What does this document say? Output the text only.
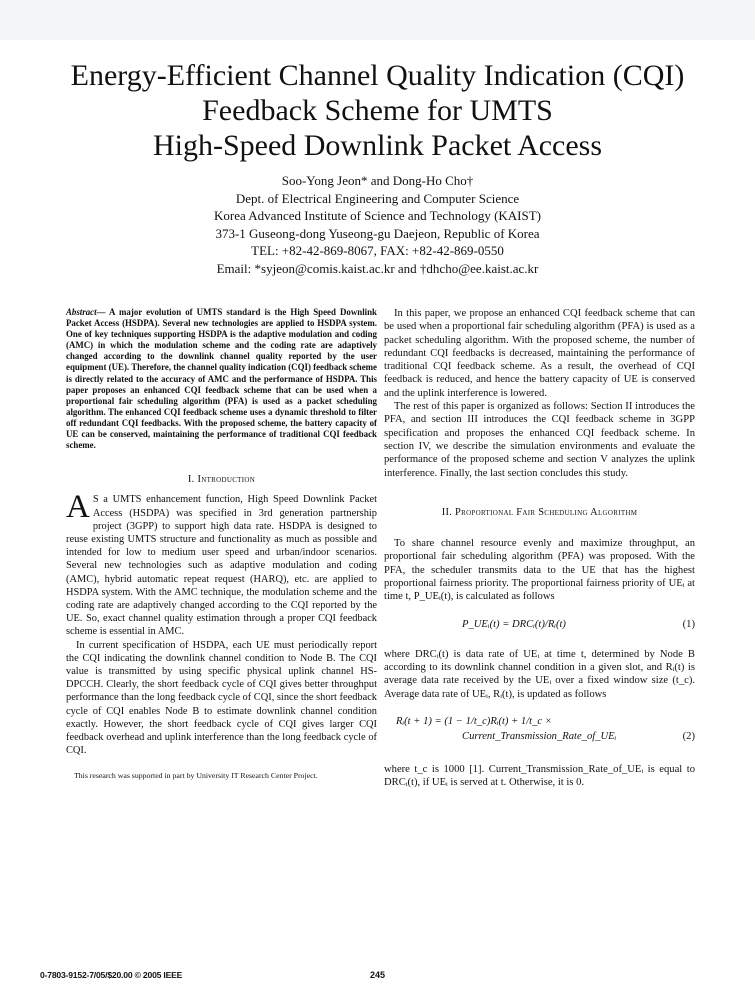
Energy-Efficient Channel Quality Indication (CQI)
Feedback Scheme for UMTS
High-Speed Downlink Packet Access
Soo-Yong Jeon* and Dong-Ho Cho†
Dept. of Electrical Engineering and Computer Science
Korea Advanced Institute of Science and Technology (KAIST)
373-1 Guseong-dong Yuseong-gu Daejeon, Republic of Korea
TEL: +82-42-869-8067, FAX: +82-42-869-0550
Email: *syjeon@comis.kaist.ac.kr and †dhcho@ee.kaist.ac.kr

Abstract— A major evolution of UMTS standard is the High Speed Downlink Packet Access (HSDPA). Several new technologies are applied to HSDPA system. One of key techniques supporting HSDPA is the adaptive modulation and coding (AMC) in which the modulation scheme and the coding rate are adaptively changed according to the downlink channel quality reported by the user equipment (UE). Therefore, the channel quality indication (CQI) feedback scheme is directly related to the accuracy of AMC and the performance of HSDPA. This paper proposes an enhanced CQI feedback scheme that can be used when a proportional fair scheduling algorithm (PFA) is used as a packet scheduling algorithm. The enhanced CQI feedback scheme uses a dynamic threshold to filter off redundant CQI feedbacks. With the proposed scheme, the battery capacity of UE can be conserved, maintaining the performance of traditional CQI feedback scheme.

I. Introduction

A S a UMTS enhancement function, High Speed Downlink Packet Access (HSDPA) was specified in 3rd generation partnership project (3GPP) to support high data rate. HSDPA is designed to reuse existing UMTS structure and functionality as much as possible and intended for low to medium user speed and urban/indoor scenarios. Several new technologies such as adaptive modulation and coding (AMC), hybrid automatic repeat request (HARQ), etc. are applied to HSDPA system. With the AMC technique, the modulation scheme and the coding rate are adaptively changed according to the CQI reported by the UE. So, exact channel quality estimation through a proper CQI feedback scheme is essential in AMC.

In current specification of HSDPA, each UE must periodically report the CQI indicating the downlink channel condition to Node B. The CQI value is transmitted by using specific physical uplink channel HS-DPCCH. Clearly, the short feedback cycle of CQI gives better throughput performance than the long feedback cycle of CQI, since the short feedback cycle of CQI enables Node B to estimate downlink channel condition exactly. However, the short feedback cycle of CQI gives larger CQI feedback overhead and uplink interference than the long feedback cycle of CQI.

This research was supported in part by University IT Research Center Project.

In this paper, we propose an enhanced CQI feedback scheme that can be used when a proportional fair scheduling algorithm (PFA) is used as a packet scheduling algorithm. With the proposed scheme, the number of redundant CQI feedbacks is decreased, maintaining the performance of traditional CQI feedback scheme. As a result, the overhead of CQI feedback is reduced, and hence the battery capacity of UE is conserved and the uplink interference is lowered.

The rest of this paper is organized as follows: Section II introduces the PFA, and section III introduces the CQI feedback scheme in 3GPP specification and proposes the enhanced CQI feedback scheme. In section IV, we describe the simulation environments and evaluate the performance of the proposed scheme and section V analyzes the uplink interference. Finally, the last section concludes this study.

II. Proportional Fair Scheduling Algorithm

To share channel resource evenly and maximize throughput, an proportional fair scheduling algorithm (PFA) was proposed. With the PFA, the scheduler transmits data to the UE that has the highest proportional fairness priority. The proportional fairness priority of UEᵢ at time t, P_UEᵢ(t), is calculated as follows

P_UEᵢ(t) = DRCᵢ(t)/Rᵢ(t)	(1)

where DRCᵢ(t) is data rate of UEᵢ at time t, determined by Node B according to its downlink channel condition in a given slot, and Rᵢ(t) is average data rate received by the UEᵢ over a fixed window size (t_c). Average data rate of UEᵢ, Rᵢ(t), is updated as follows

Rᵢ(t + 1) = (1 − 1/t_c)Rᵢ(t) + 1/t_c ×
Current_Transmission_Rate_of_UEᵢ	(2)

where t_c is 1000 [1]. Current_Transmission_Rate_of_UEᵢ is equal to DRCᵢ(t), if UEᵢ is served at t. Otherwise, it is 0.

0-7803-9152-7/05/$20.00 © 2005 IEEE	245
